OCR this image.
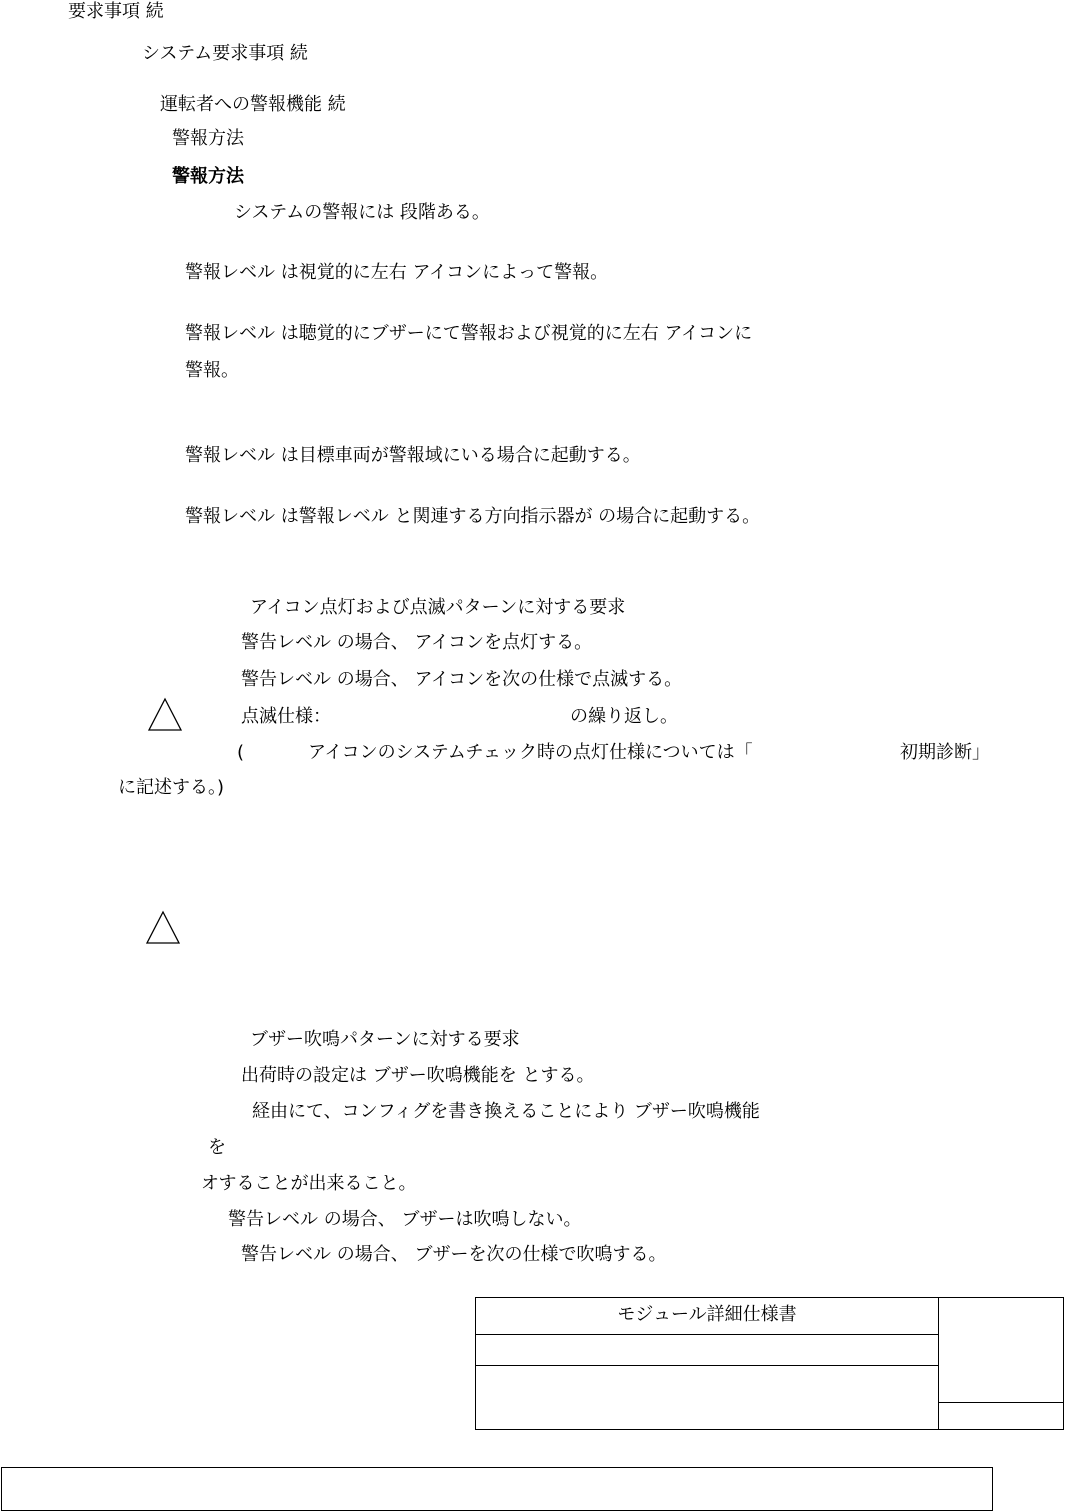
要求事項 続
システム要求事項 続
運転者への警報機能 続
警報方法
警報方法
システムの警報には 段階ある。
警報レベル は視覚的に左右 アイコンによって警報。
警報レベル は聴覚的にブザーにて警報および視覚的に左右 アイコンに
警報。
警報レベル は目標車両が警報域にいる場合に起動する。
警報レベル は警報レベル と関連する方向指示器が の場合に起動する。
アイコン点灯および点滅パターンに対する要求
警告レベル の場合、 アイコンを点灯する。
警告レベル の場合、 アイコンを次の仕様で点滅する。
点滅仕様：	の繰り返し。
(	アイコンのシステムチェック時の点灯仕様については「	初期診断」
に記述する。)
ブザー吹鳴パターンに対する要求
出荷時の設定は ブザー吹鳴機能を とする。
経由にて、コンフィグを書き換えることにより ブザー吹鳴機能
を
オすることが出来ること。
警告レベル の場合、 ブザーは吹鳴しない。
警告レベル の場合、 ブザーを次の仕様で吹鳴する。
モジュール詳細仕様書
